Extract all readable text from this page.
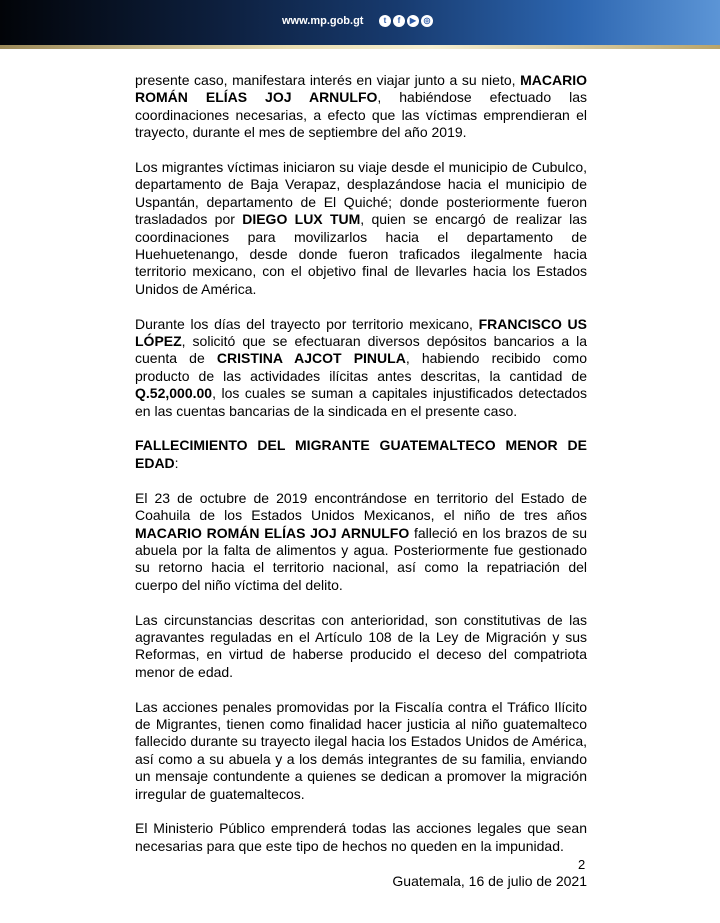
www.mp.gob.gt	t	f	▶ ◎

presente caso, manifestara interés en viajar junto a su nieto, MACARIO ROMÁN ELÍAS JOJ ARNULFO, habiéndose efectuado las coordinaciones necesarias, a efecto que las víctimas emprendieran el trayecto, durante el mes de septiembre del año 2019.

Los migrantes víctimas iniciaron su viaje desde el municipio de Cubulco, departamento de Baja Verapaz, desplazándose hacia el municipio de Uspantán, departamento de El Quiché; donde posteriormente fueron trasladados por DIEGO LUX TUM, quien se encargó de realizar las coordinaciones para movilizarlos hacia el departamento de Huehuetenango, desde donde fueron traficados ilegalmente hacia territorio mexicano, con el objetivo final de llevarles hacia los Estados Unidos de América.

Durante los días del trayecto por territorio mexicano, FRANCISCO US LÓPEZ, solicitó que se efectuaran diversos depósitos bancarios a la cuenta de CRISTINA AJCOT PINULA, habiendo recibido como producto de las actividades ilícitas antes descritas, la cantidad de Q.52,000.00, los cuales se suman a capitales injustificados detectados en las cuentas bancarias de la sindicada en el presente caso.

FALLECIMIENTO DEL MIGRANTE GUATEMALTECO MENOR DE EDAD:

El 23 de octubre de 2019 encontrándose en territorio del Estado de Coahuila de los Estados Unidos Mexicanos, el niño de tres años MACARIO ROMÁN ELÍAS JOJ ARNULFO falleció en los brazos de su abuela por la falta de alimentos y agua. Posteriormente fue gestionado su retorno hacia el territorio nacional, así como la repatriación del cuerpo del niño víctima del delito.

Las circunstancias descritas con anterioridad, son constitutivas de las agravantes reguladas en el Artículo 108 de la Ley de Migración y sus Reformas, en virtud de haberse producido el deceso del compatriota menor de edad.

Las acciones penales promovidas por la Fiscalía contra el Tráfico Ilícito de Migrantes, tienen como finalidad hacer justicia al niño guatemalteco fallecido durante su trayecto ilegal hacia los Estados Unidos de América, así como a su abuela y a los demás integrantes de su familia, enviando un mensaje contundente a quienes se dedican a promover la migración irregular de guatemaltecos.

El Ministerio Público emprenderá todas las acciones legales que sean necesarias para que este tipo de hechos no queden en la impunidad.

Guatemala, 16 de julio de 2021

2
